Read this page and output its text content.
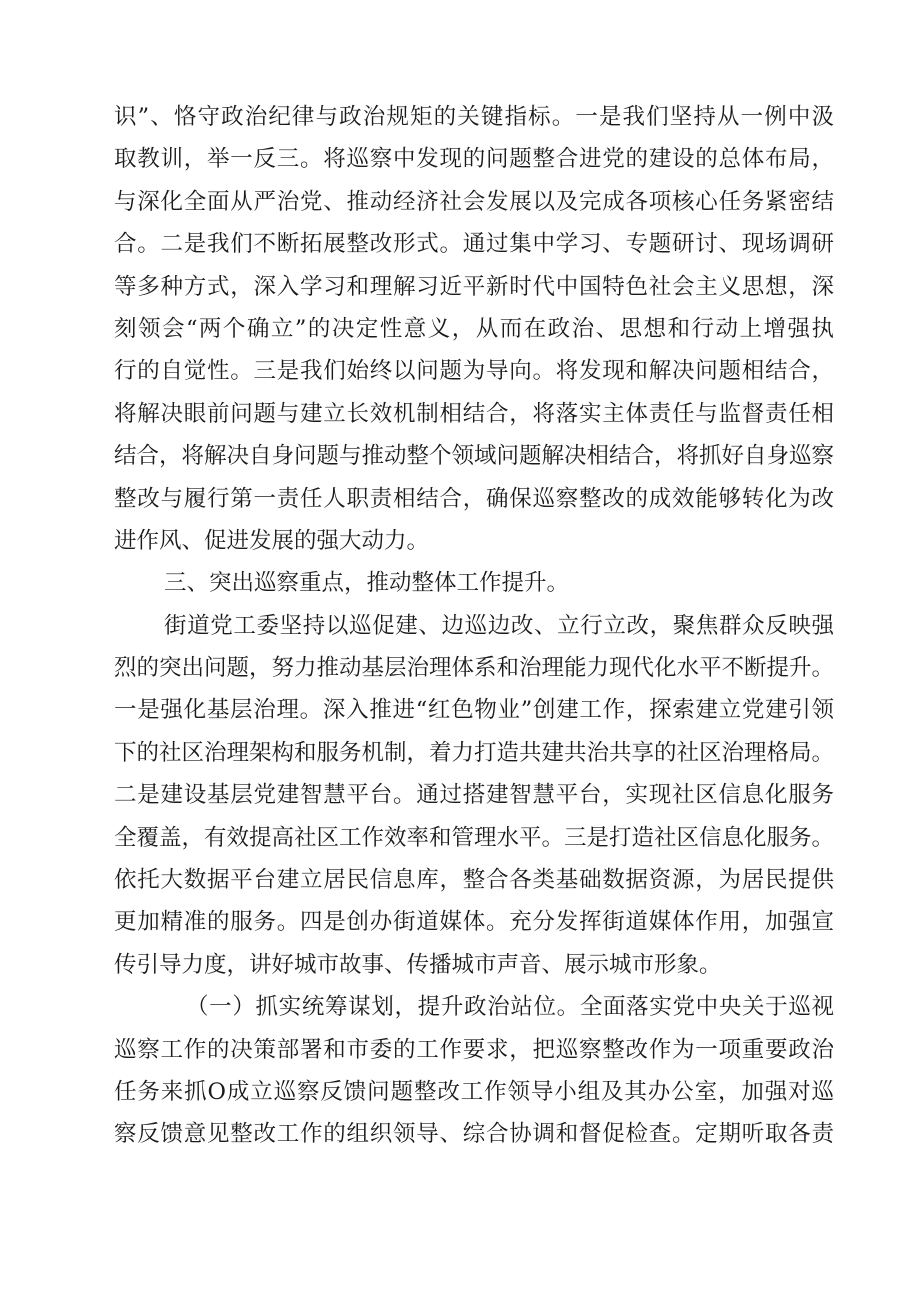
识”、恪守政治纪律与政治规矩的关键指标。一是我们坚持从一例中汲
取教训，举一反三。将巡察中发现的问题整合进党的建设的总体布局，
与深化全面从严治党、推动经济社会发展以及完成各项核心任务紧密结
合。二是我们不断拓展整改形式。通过集中学习、专题研讨、现场调研
等多种方式，深入学习和理解习近平新时代中国特色社会主义思想，深
刻领会“两个确立”的决定性意义，从而在政治、思想和行动上增强执
行的自觉性。三是我们始终以问题为导向。将发现和解决问题相结合，
将解决眼前问题与建立长效机制相结合，将落实主体责任与监督责任相
结合，将解决自身问题与推动整个领域问题解决相结合，将抓好自身巡察
整改与履行第一责任人职责相结合，确保巡察整改的成效能够转化为改
进作风、促进发展的强大动力。
三、突出巡察重点，推动整体工作提升。
街道党工委坚持以巡促建、边巡边改、立行立改，聚焦群众反映强
烈的突出问题，努力推动基层治理体系和治理能力现代化水平不断提升。
一是强化基层治理。深入推进“红色物业”创建工作，探索建立党建引领
下的社区治理架构和服务机制，着力打造共建共治共享的社区治理格局。
二是建设基层党建智慧平台。通过搭建智慧平台，实现社区信息化服务
全覆盖，有效提高社区工作效率和管理水平。三是打造社区信息化服务。
依托大数据平台建立居民信息库，整合各类基础数据资源，为居民提供
更加精准的服务。四是创办街道媒体。充分发挥街道媒体作用，加强宣
传引导力度，讲好城市故事、传播城市声音、展示城市形象。
（一）抓实统筹谋划，提升政治站位。全面落实党中央关于巡视
巡察工作的决策部署和市委的工作要求，把巡察整改作为一项重要政治
任务来抓O成立巡察反馈问题整改工作领导小组及其办公室，加强对巡
察反馈意见整改工作的组织领导、综合协调和督促检查。定期听取各责
